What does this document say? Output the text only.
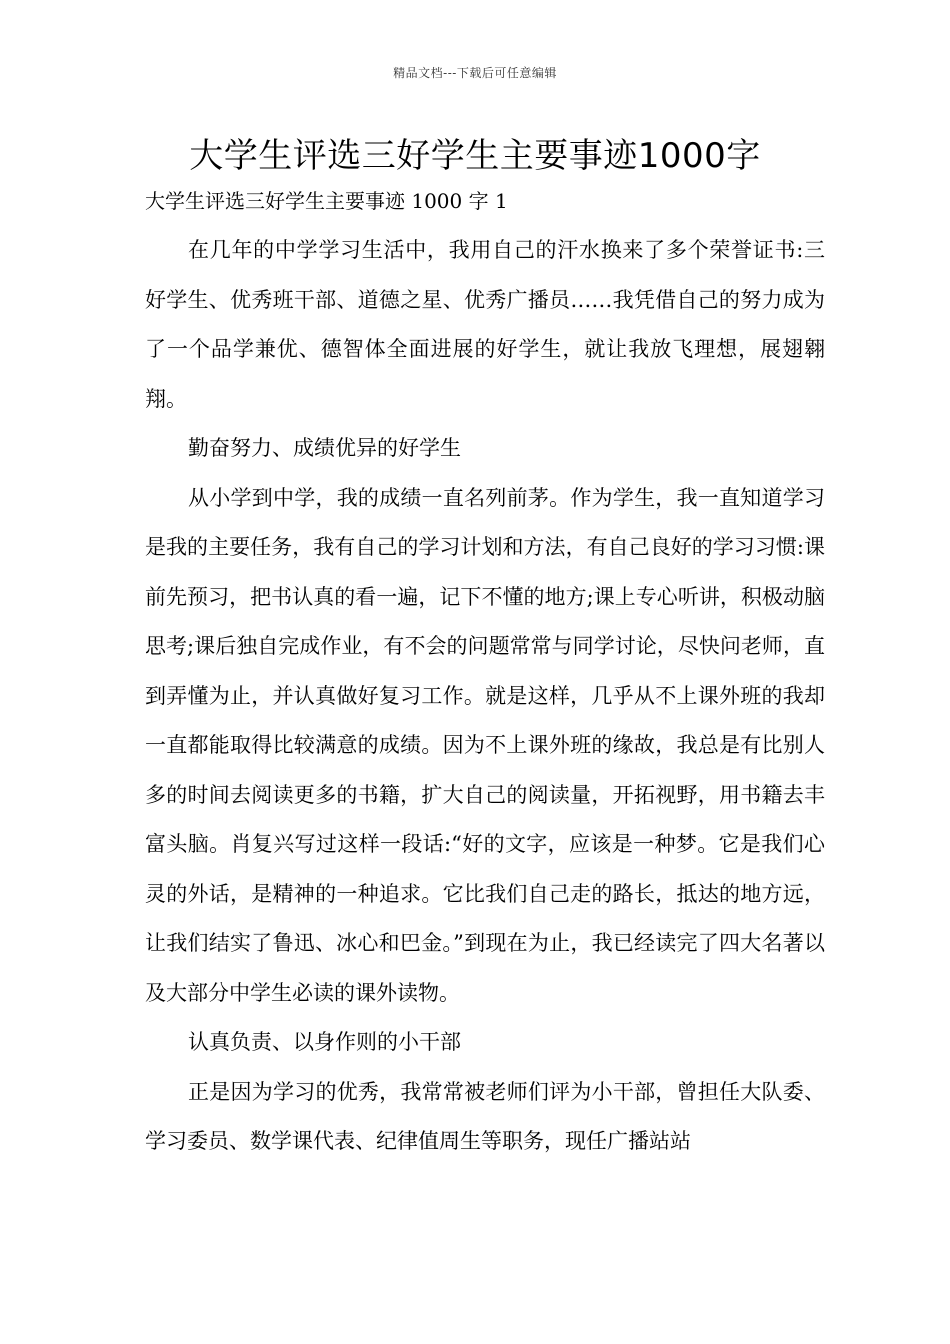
精品文档---下载后可任意编辑
大学生评选三好学生主要事迹1000字

大学生评选三好学生主要事迹 1000 字 1

在几年的中学学习生活中，我用自己的汗水换来了多个荣誉证书:三好学生、优秀班干部、道德之星、优秀广播员……我凭借自己的努力成为了一个品学兼优、德智体全面进展的好学生，就让我放飞理想，展翅翱翔。

勤奋努力、成绩优异的好学生

从小学到中学，我的成绩一直名列前茅。作为学生，我一直知道学习是我的主要任务，我有自己的学习计划和方法，有自己良好的学习习惯:课前先预习，把书认真的看一遍，记下不懂的地方;课上专心听讲，积极动脑思考;课后独自完成作业，有不会的问题常常与同学讨论，尽快问老师，直到弄懂为止，并认真做好复习工作。就是这样，几乎从不上课外班的我却一直都能取得比较满意的成绩。因为不上课外班的缘故，我总是有比别人多的时间去阅读更多的书籍，扩大自己的阅读量，开拓视野，用书籍去丰富头脑。肖复兴写过这样一段话:“好的文字，应该是一种梦。它是我们心灵的外话，是精神的一种追求。它比我们自己走的路长，抵达的地方远，让我们结实了鲁迅、冰心和巴金。”到现在为止，我已经读完了四大名著以及大部分中学生必读的课外读物。

认真负责、以身作则的小干部

正是因为学习的优秀，我常常被老师们评为小干部，曾担任大队委、学习委员、数学课代表、纪律值周生等职务，现任广播站站
